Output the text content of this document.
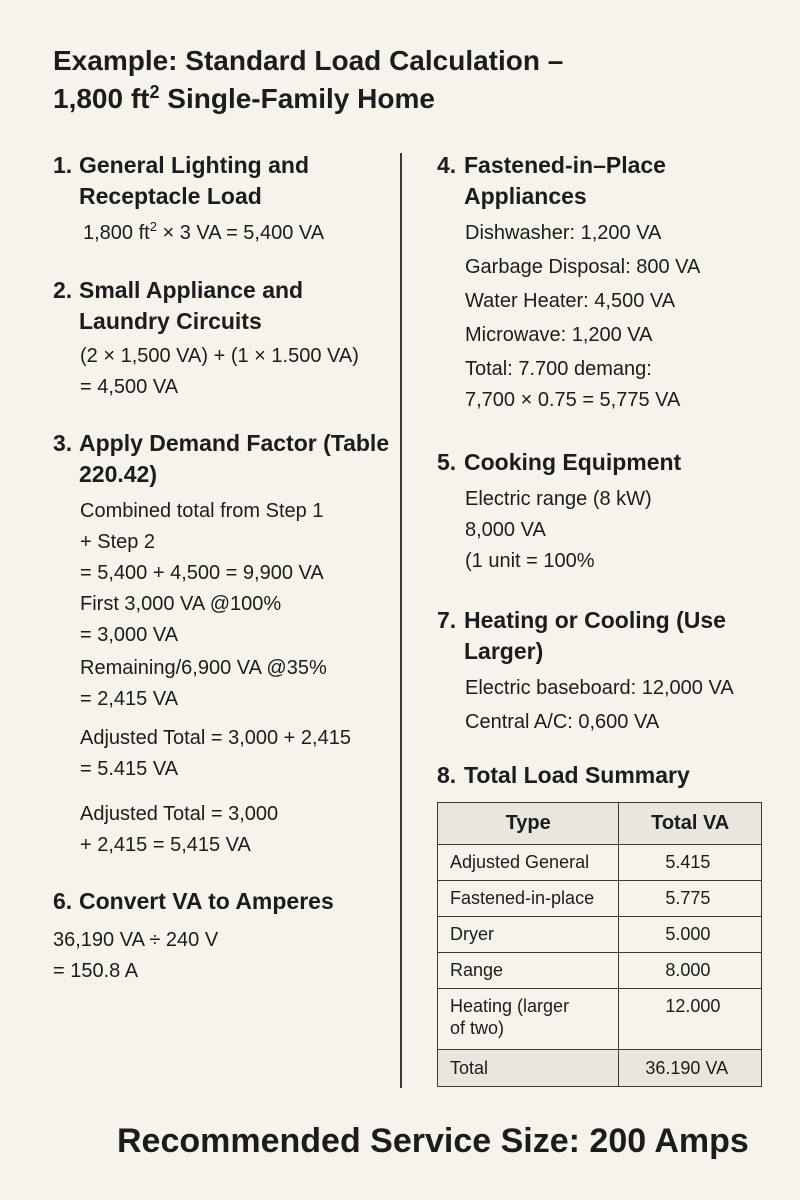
Example: Standard Load Calculation –
1,800 $ft^2$ Single-Family Home
1. General Lighting and Receptacle Load
1,800 $ft^2 \times 3$ VA = 5,400 VA
2. Small Appliance and Laundry Circuits
(2 × 1,500 VA) + (1 × 1.500 VA)
= 4,500 VA
3. Apply Demand Factor (Table 220.42)
Combined total from Step 1
+ Step 2
= 5,400 + 4,500 = 9,900 VA
First 3,000 VA @100%
= 3,000 VA
Remaining/6,900 VA @35%
= 2,415 VA
Adjusted Total = 3,000 + 2,415
= 5.415 VA
Adjusted Total = 3,000
+ 2,415 = 5,415 VA
6. Convert VA to Amperes
36,190 VA ÷ 240 V
= 150.8 A
4. Fastened-in–Place Appliances
Dishwasher: 1,200 VA
Garbage Disposal: 800 VA
Water Heater: 4,500 VA
Microwave: 1,200 VA
Total: 7.700 demang:
7,700 × 0.75 = 5,775 VA
5. Cooking Equipment
Electric range (8 kW)
8,000 VA
(1 unit = 100%
7. Heating or Cooling (Use Larger)
Electric baseboard: 12,000 VA
Central A/C: 0,600 VA
8. Total Load Summary
Type	Total VA
Adjusted General	5.415
Fastened-in-place	5.775
Dryer	5.000
Range	8.000
Heating (larger of two)	12.000
Total	36.190 VA
Recommended Service Size: 200 Amps
